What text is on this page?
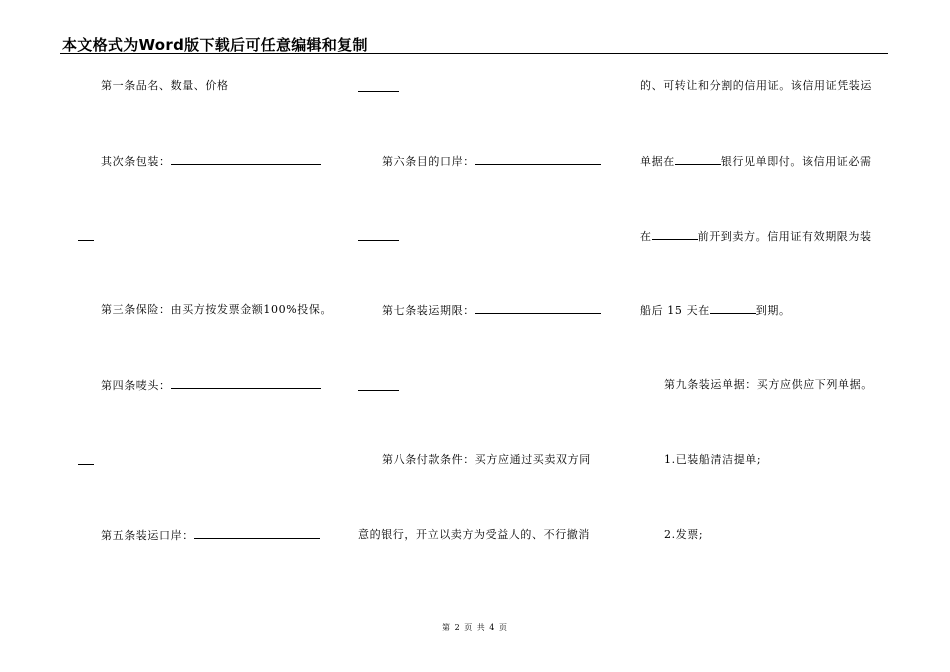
本文格式为Word版下载后可任意编辑和复制
第一条品名、数量、价格
其次条包装：
第三条保险：由买方按发票金额100%投保。
第四条唛头：
第五条装运口岸：
第六条目的口岸：
第七条装运期限：
第八条付款条件：买方应通过买卖双方同
意的银行，开立以卖方为受益人的、不行撤消
的、可转让和分割的信用证。该信用证凭装运
单据在	银行见单即付。该信用证必需
在	前开到卖方。信用证有效期限为装
船后 15 天在	到期。
第九条装运单据：买方应供应下列单据。
1.已装船清洁提单;
2.发票;
第 2 页 共 4 页
